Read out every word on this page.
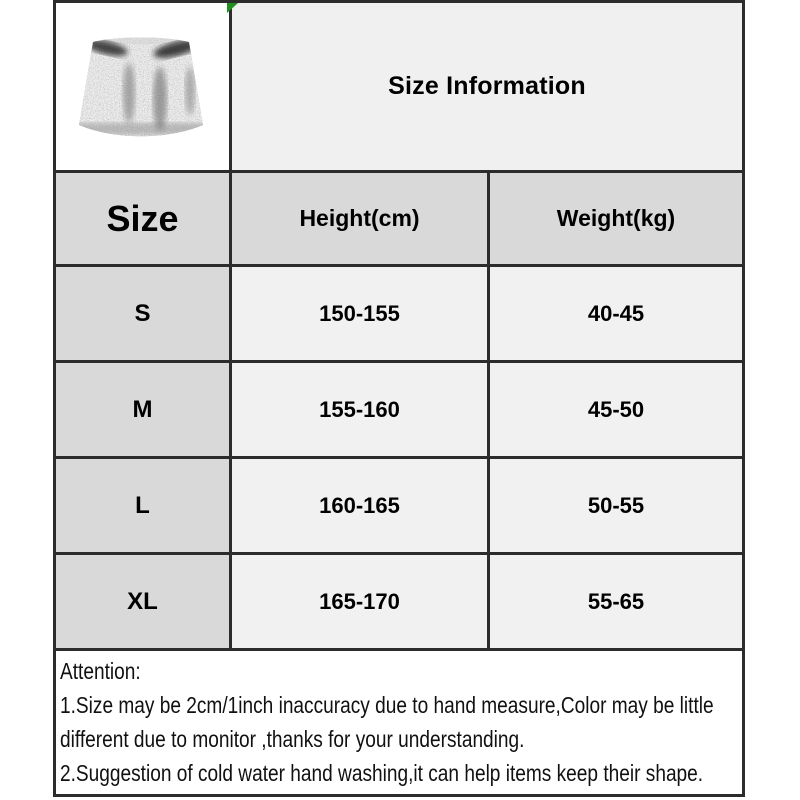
Size Information
Size	Height(cm)	Weight(kg)
S	150-155	40-45
M	155-160	45-50
L	160-165	50-55
XL	165-170	55-65
Attention:
1.Size may be 2cm/1inch inaccuracy due to hand measure,Color may be little
different due to monitor ,thanks for your understanding.
2.Suggestion of cold water hand washing,it can help items keep their shape.
